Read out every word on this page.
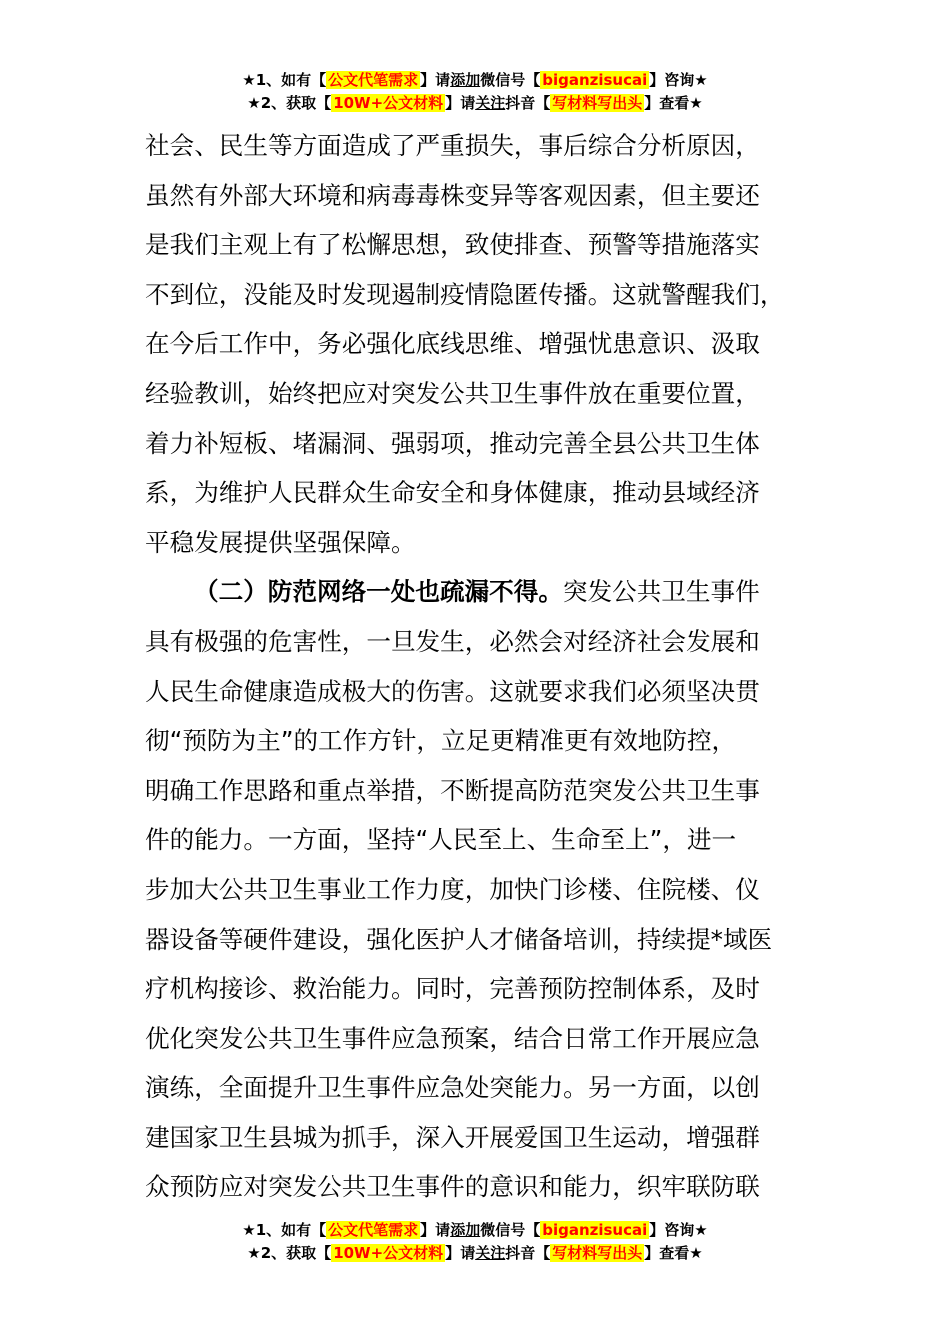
★1、如有【 公文代笔需求 】请添加微信号【 biganzisucai 】咨询★
★2、获取【 10W+公文材料 】请关注抖音【 写材料写出头 】查看★
社会、民生等方面造成了严重损失，事后综合分析原因，
虽然有外部大环境和病毒毒株变异等客观因素，但主要还
是我们主观上有了松懈思想，致使排查、预警等措施落实
不到位，没能及时发现遏制疫情隐匿传播。这就警醒我们，
在今后工作中，务必强化底线思维、增强忧患意识、汲取
经验教训，始终把应对突发公共卫生事件放在重要位置，
着力补短板、堵漏洞、强弱项，推动完善全县公共卫生体
系，为维护人民群众生命安全和身体健康，推动县域经济
平稳发展提供坚强保障。
（二）防范网络一处也疏漏不得。突发公共卫生事件
具有极强的危害性，一旦发生，必然会对经济社会发展和
人民生命健康造成极大的伤害。这就要求我们必须坚决贯
彻“预防为主”的工作方针，立足更精准更有效地防控，
明确工作思路和重点举措，不断提高防范突发公共卫生事
件的能力。一方面，坚持“人民至上、生命至上”，进一
步加大公共卫生事业工作力度，加快门诊楼、住院楼、仪
器设备等硬件建设，强化医护人才储备培训，持续提*域医
疗机构接诊、救治能力。同时，完善预防控制体系，及时
优化突发公共卫生事件应急预案，结合日常工作开展应急
演练，全面提升卫生事件应急处突能力。另一方面，以创
建国家卫生县城为抓手，深入开展爱国卫生运动，增强群
众预防应对突发公共卫生事件的意识和能力，织牢联防联
★1、如有【 公文代笔需求 】请添加微信号【 biganzisucai 】咨询★
★2、获取【 10W+公文材料 】请关注抖音【 写材料写出头 】查看★
